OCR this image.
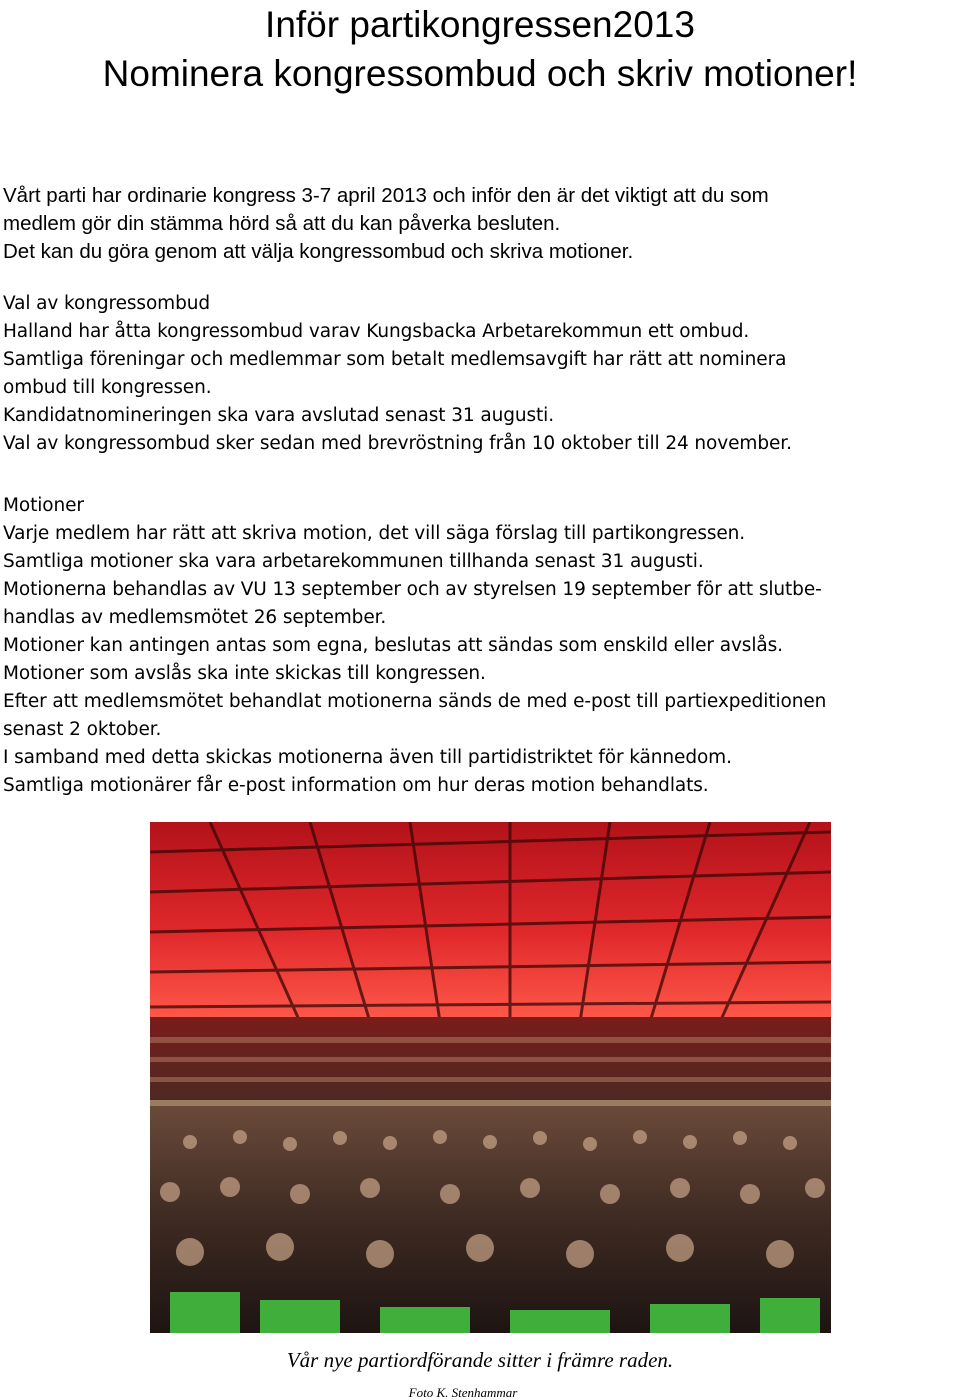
Inför partikongressen2013
Nominera kongressombud och skriv motioner!

Vårt parti har ordinarie kongress 3-7 april 2013 och inför den är det viktigt att du som

medlem gör din stämma hörd så att du kan påverka besluten.

Det kan du göra genom att välja kongressombud och skriva motioner.

Val av kongressombud

Halland har åtta kongressombud varav Kungsbacka Arbetarekommun ett ombud.

Samtliga föreningar och medlemmar som betalt medlemsavgift har rätt att nominera

ombud till kongressen.

Kandidatnomineringen ska vara avslutad senast 31 augusti.

Val av kongressombud sker sedan med brevröstning från 10 oktober till 24 november.

Motioner

Varje medlem har rätt att skriva motion, det vill säga förslag till partikongressen.

Samtliga motioner ska vara arbetarekommunen tillhanda senast 31 augusti.

Motionerna behandlas av VU 13 september och av styrelsen 19 september för att slutbe-

handlas av medlemsmötet 26 september.

Motioner kan antingen antas som egna, beslutas att sändas som enskild eller avslås.

Motioner som avslås ska inte skickas till kongressen.

Efter att medlemsmötet behandlat motionerna sänds de med e-post till partiexpeditionen

senast 2 oktober.

I samband med detta skickas motionerna även till partidistriktet för kännedom.

Samtliga motionärer får e-post information om hur deras motion behandlats.

Vår nye partiordförande sitter i främre raden.
Foto K. Stenhammar
